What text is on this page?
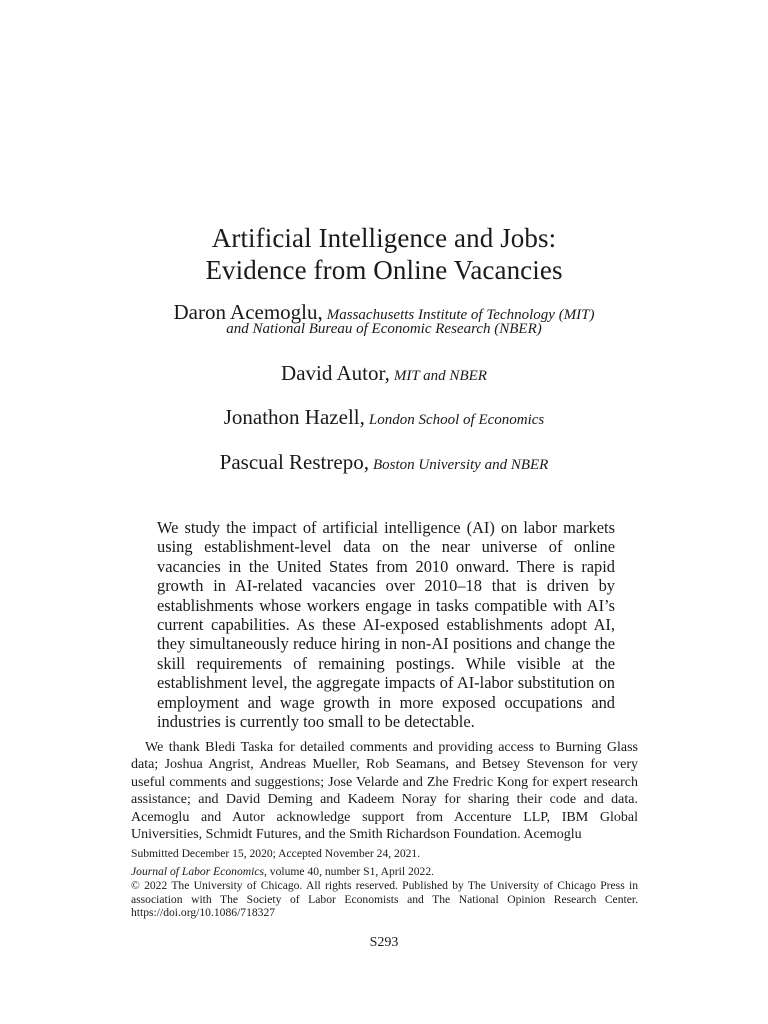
Artificial Intelligence and Jobs:
Evidence from Online Vacancies
Daron Acemoglu, Massachusetts Institute of Technology (MIT)
and National Bureau of Economic Research (NBER)
David Autor, MIT and NBER
Jonathon Hazell, London School of Economics
Pascual Restrepo, Boston University and NBER
We study the impact of artificial intelligence (AI) on labor markets using establishment-level data on the near universe of online vacancies in the United States from 2010 onward. There is rapid growth in AI-related vacancies over 2010–18 that is driven by establishments whose workers engage in tasks compatible with AI’s current capabilities. As these AI-exposed establishments adopt AI, they simultaneously reduce hiring in non-AI positions and change the skill requirements of remaining postings. While visible at the establishment level, the aggregate impacts of AI-labor substitution on employment and wage growth in more exposed occupations and industries is currently too small to be detectable.
We thank Bledi Taska for detailed comments and providing access to Burning Glass data; Joshua Angrist, Andreas Mueller, Rob Seamans, and Betsey Stevenson for very useful comments and suggestions; Jose Velarde and Zhe Fredric Kong for expert research assistance; and David Deming and Kadeem Noray for sharing their code and data. Acemoglu and Autor acknowledge support from Accenture LLP, IBM Global Universities, Schmidt Futures, and the Smith Richardson Foundation. Acemoglu
Submitted December 15, 2020; Accepted November 24, 2021.
Journal of Labor Economics, volume 40, number S1, April 2022.
© 2022 The University of Chicago. All rights reserved. Published by The University of Chicago Press in association with The Society of Labor Economists and The National Opinion Research Center. https://doi.org/10.1086/718327
S293
